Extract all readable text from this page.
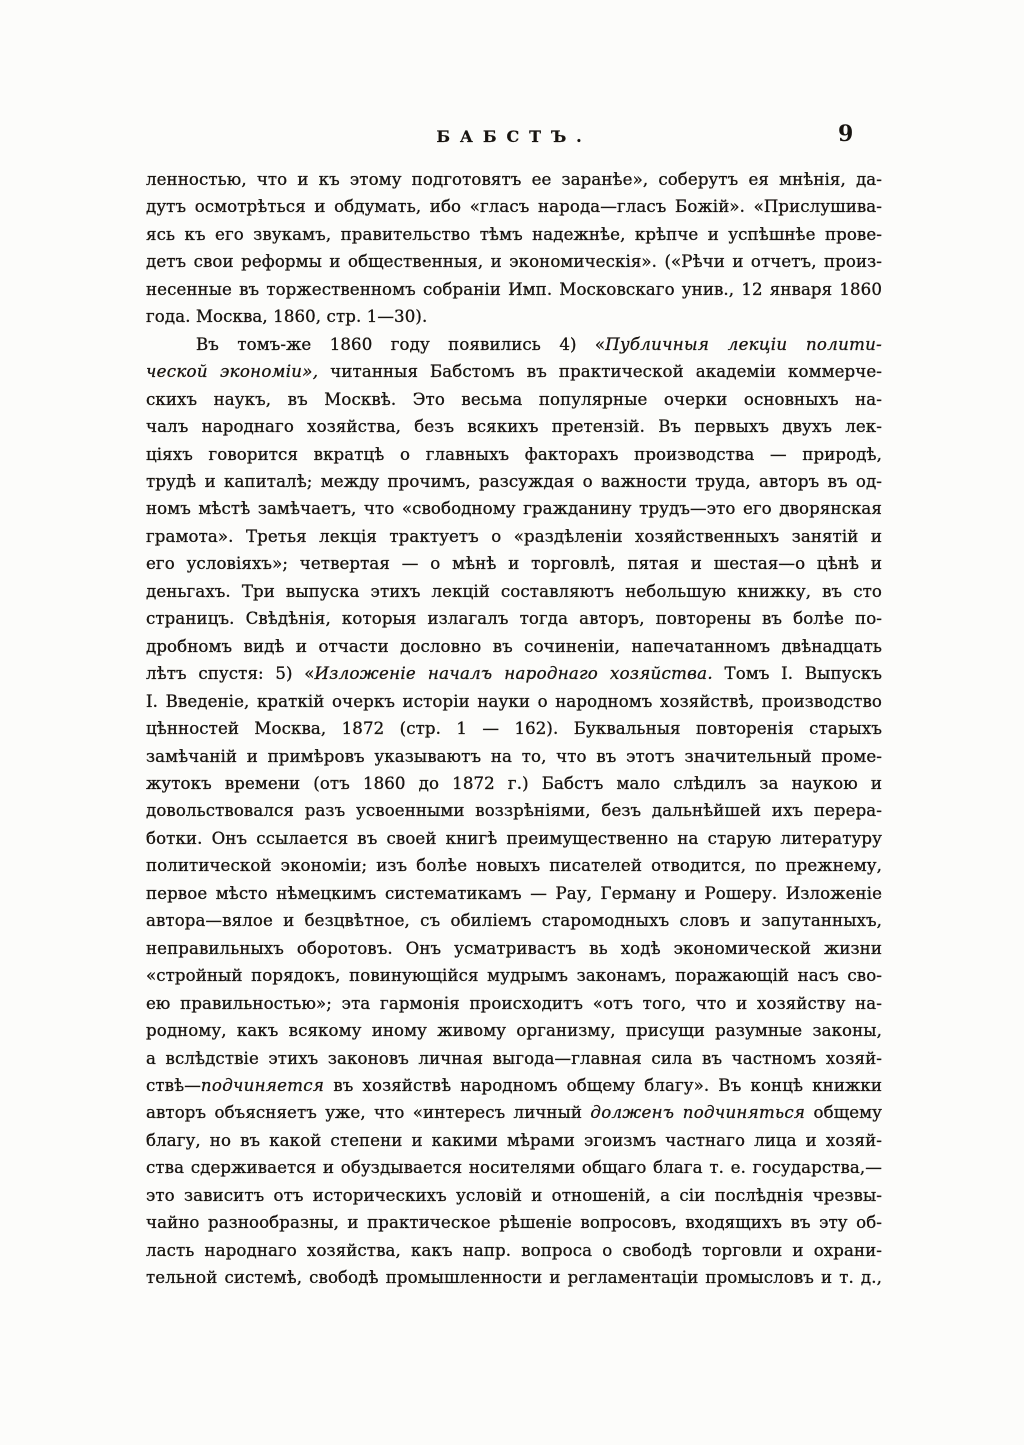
БАБСТЪ.	9
ленностью, что и къ этому подготовятъ ее заранѣе», соберутъ ея мнѣнія, да-
дутъ осмотрѣться и обдумать, ибо «гласъ народа—гласъ Божій». «Прислушива-
ясь къ его звукамъ, правительство тѣмъ надежнѣе, крѣпче и успѣшнѣе прове-
детъ свои реформы и общественныя, и экономическія». («Рѣчи и отчетъ, произ-
несенные въ торжественномъ собраніи Имп. Московскаго унив., 12 января 1860
года. Москва, 1860, стр. 1—30).
Въ томъ-же 1860 году появились 4) «Публичныя лекціи полити-
ческой экономіи», читанныя Бабстомъ въ практической академіи коммерче-
скихъ наукъ, въ Москвѣ. Это весьма популярные очерки основныхъ на-
чалъ народнаго хозяйства, безъ всякихъ претензій. Въ первыхъ двухъ лек-
ціяхъ говорится вкратцѣ о главныхъ факторахъ производства — природѣ,
трудѣ и капиталѣ; между прочимъ, разсуждая о важности труда, авторъ въ од-
номъ мѣстѣ замѣчаетъ, что «свободному гражданину трудъ—это его дворянская
грамота». Третья лекція трактуетъ о «раздѣленіи хозяйственныхъ занятій и
его условіяхъ»; четвертая — о мѣнѣ и торговлѣ, пятая и шестая—о цѣнѣ и
деньгахъ. Три выпуска этихъ лекцій составляютъ небольшую книжку, въ сто
страницъ. Свѣдѣнія, которыя излагалъ тогда авторъ, повторены въ болѣе по-
дробномъ видѣ и отчасти дословно въ сочиненіи, напечатанномъ двѣнадцать
лѣтъ спустя: 5) «Изложеніе началъ народнаго хозяйства. Томъ I. Выпускъ
I. Введеніе, краткій очеркъ исторіи науки о народномъ хозяйствѣ, производство
цѣнностей Москва, 1872 (стр. 1 — 162). Буквальныя повторенія старыхъ
замѣчаній и примѣровъ указываютъ на то, что въ этотъ значительный проме-
жутокъ времени (отъ 1860 до 1872 г.) Бабстъ мало слѣдилъ за наукою и
довольствовался разъ усвоенными воззрѣніями, безъ дальнѣйшей ихъ перера-
ботки. Онъ ссылается въ своей книгѣ преимущественно на старую литературу
политической экономіи; изъ болѣе новыхъ писателей отводится, по прежнему,
первое мѣсто нѣмецкимъ систематикамъ — Рау, Герману и Рошеру. Изложеніе
автора—вялое и безцвѣтное, съ обиліемъ старомодныхъ словъ и запутанныхъ,
неправильныхъ оборотовъ. Онъ усматривастъ вь ходѣ экономической жизни
«стройный порядокъ, повинующійся мудрымъ законамъ, поражающій насъ сво-
ею правильностью»; эта гармонія происходитъ «отъ того, что и хозяйству на-
родному, какъ всякому иному живому организму, присущи разумные законы,
а вслѣдствіе этихъ законовъ личная выгода—главная сила въ частномъ хозяй-
ствѣ—подчиняется въ хозяйствѣ народномъ общему благу». Въ концѣ книжки
авторъ объясняетъ уже, что «интересъ личный долженъ подчиняться общему
благу, но въ какой степени и какими мѣрами эгоизмъ частнаго лица и хозяй-
ства сдерживается и обуздывается носителями общаго блага т. е. государства,—
это зависитъ отъ историческихъ условій и отношеній, а сіи послѣднія чрезвы-
чайно разнообразны, и практическое рѣшеніе вопросовъ, входящихъ въ эту об-
ласть народнаго хозяйства, какъ напр. вопроса о свободѣ торговли и охрани-
тельной системѣ, свободѣ промышленности и регламентаціи промысловъ и т. д.,
